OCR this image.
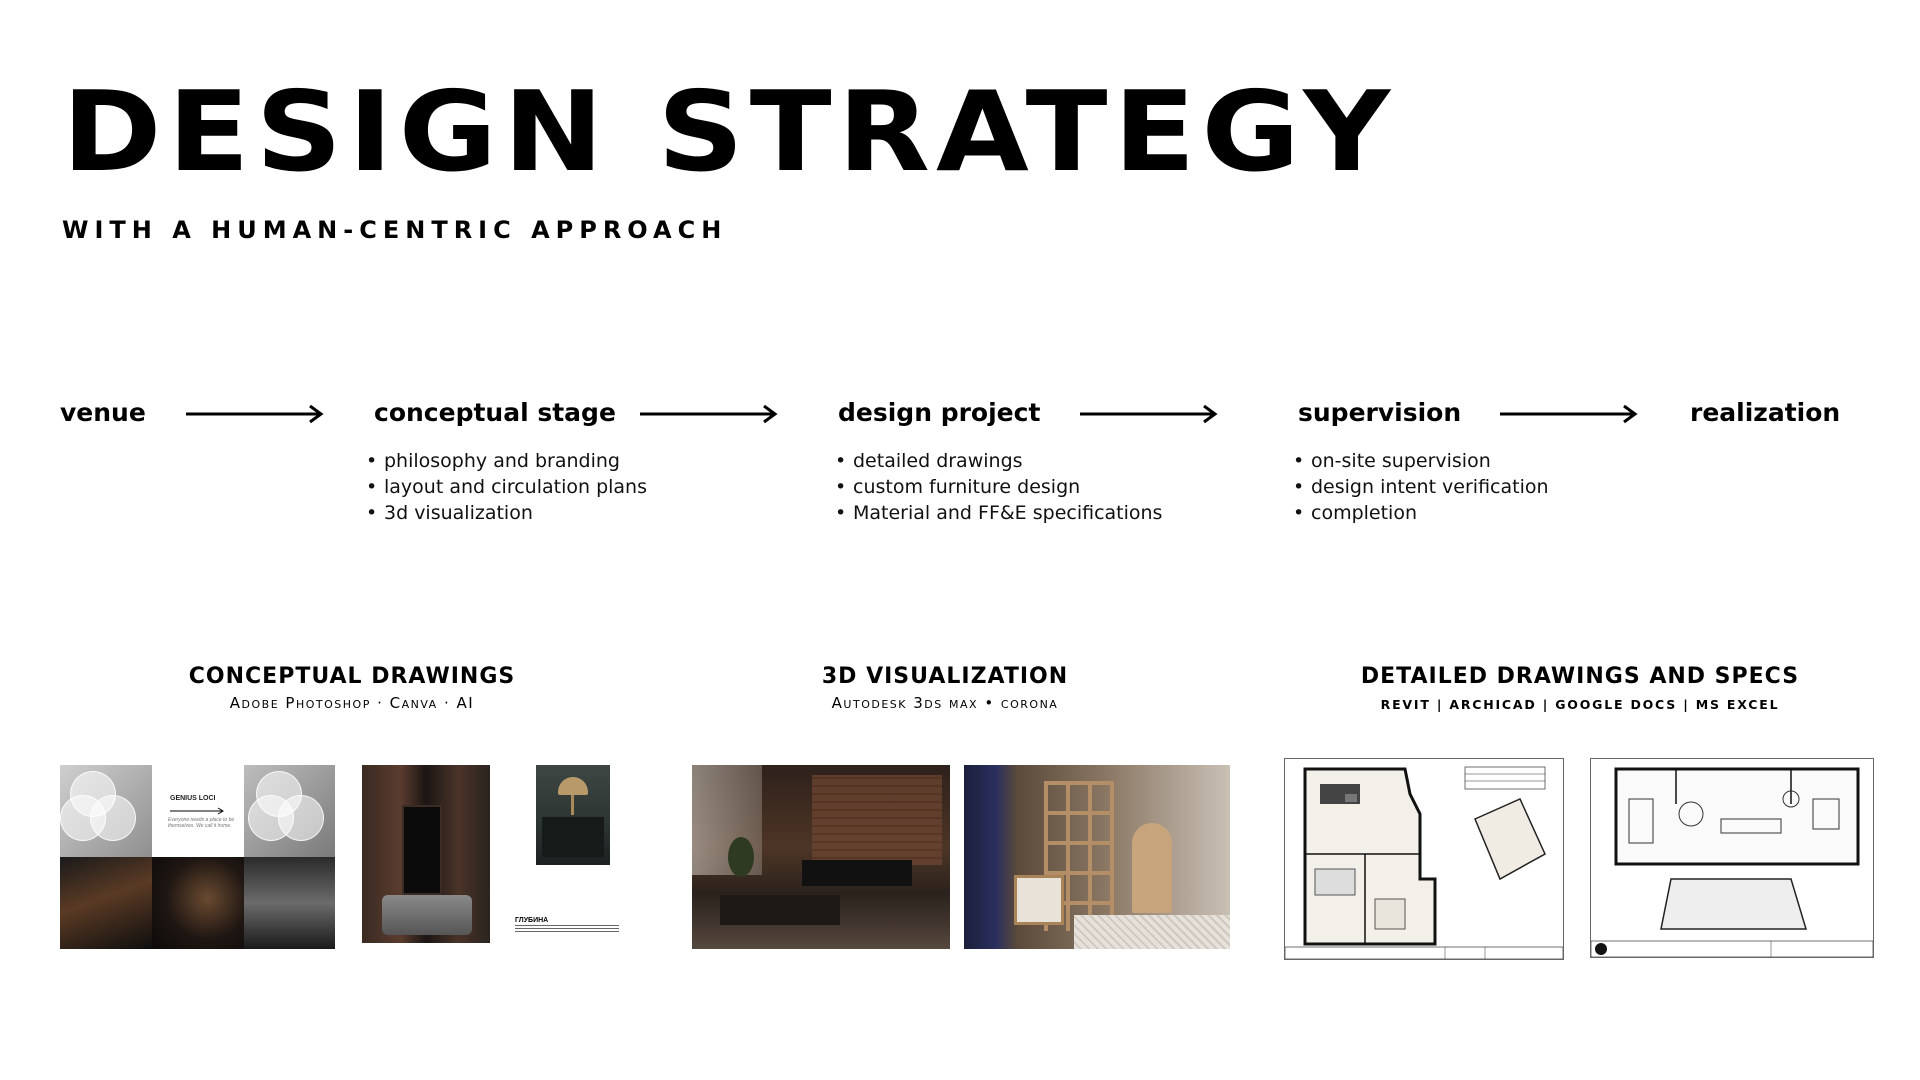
DESIGN STRATEGY
WITH A HUMAN-CENTRIC APPROACH
venue	conceptual stage
• philosophy and branding
• layout and circulation plans
• 3d visualization
design project
• detailed drawings
• custom furniture design
• Material and FF&E specifications
supervision
• on-site supervision
• design intent verification
• completion
realization
CONCEPTUAL DRAWINGS
Adobe Photoshop · Canva · AI
3D VISUALIZATION
Autodesk 3ds max • corona
DETAILED DRAWINGS AND SPECS
REVIT | ARCHICAD | GOOGLE DOCS | MS EXCEL
GENIUS LOCI
Everyone needs a place to be themselves. We call it home.
ГЛУБИНА
